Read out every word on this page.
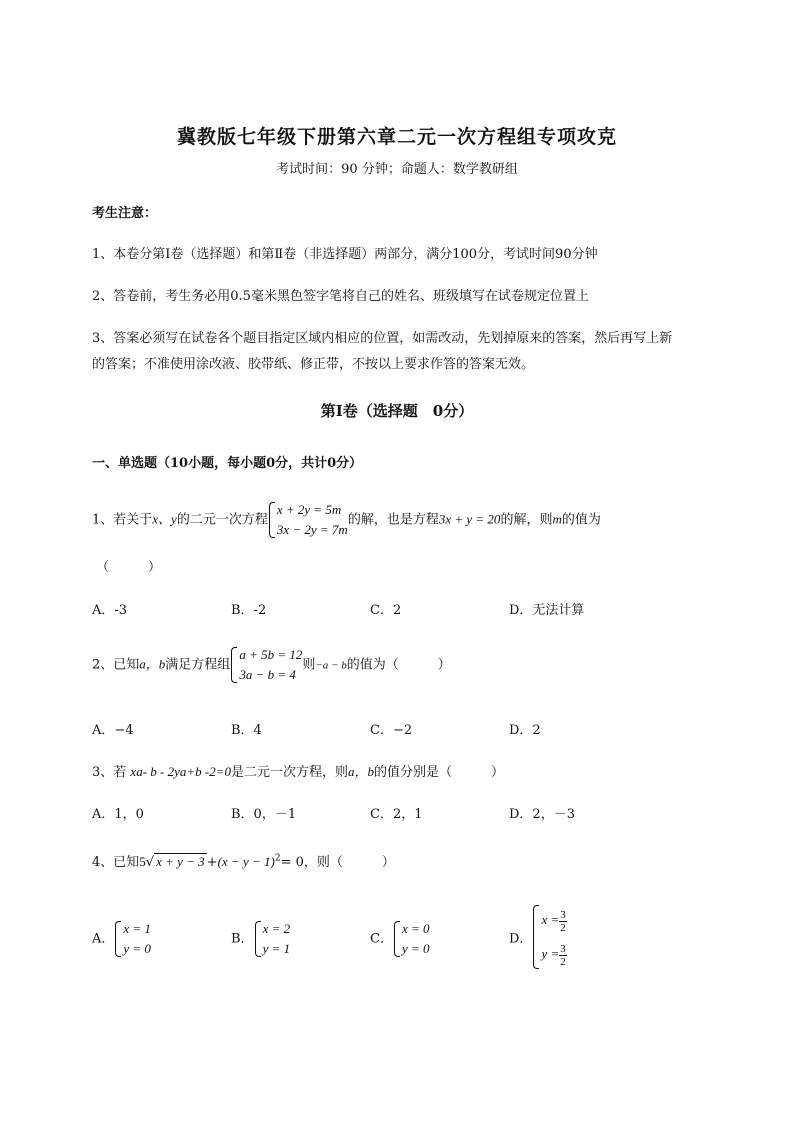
冀教版七年级下册第六章二元一次方程组专项攻克
考试时间：90 分钟；命题人：数学教研组
考生注意：
1、本卷分第I卷（选择题）和第Ⅱ卷（非选择题）两部分，满分100分，考试时间90分钟
2、答卷前，考生务必用0.5毫米黑色签字笔将自己的姓名、班级填写在试卷规定位置上
3、答案必须写在试卷各个题目指定区域内相应的位置，如需改动，先划掉原来的答案，然后再写上新
的答案；不准使用涂改液、胶带纸、修正带，不按以上要求作答的答案无效。
第I卷（选择题　0分）
一、单选题（10小题，每小题0分，共计0分）
1、若关于x、y的二元一次方程
x + 2y = 5m
3x − 2y = 7m
的解，也是方程3x + y = 20的解，则m的值为
（　　　）
A．-3	B．-2	C．2	D．无法计算
2、已知a，b满足方程组
a + 5b = 12
3a − b = 4
则−a − b的值为（　　　）
A．−4	B．4	C．−2	D．2
3、若 xa- b - 2ya+b -2=0是二元一次方程，则a，b的值分别是（　　　）
A．1，0	B．0，－1	C．2，1	D．2，－3
4、已知5√ $x + y - 3 +(x - y - 1)^2= 0$，则（　　　）
A．
x = 1
y = 0
B．
x = 2
y = 1
C．
x = 0
y = 0
D．
$x = \frac{3}{2}$
$y = \frac{3}{2}$
